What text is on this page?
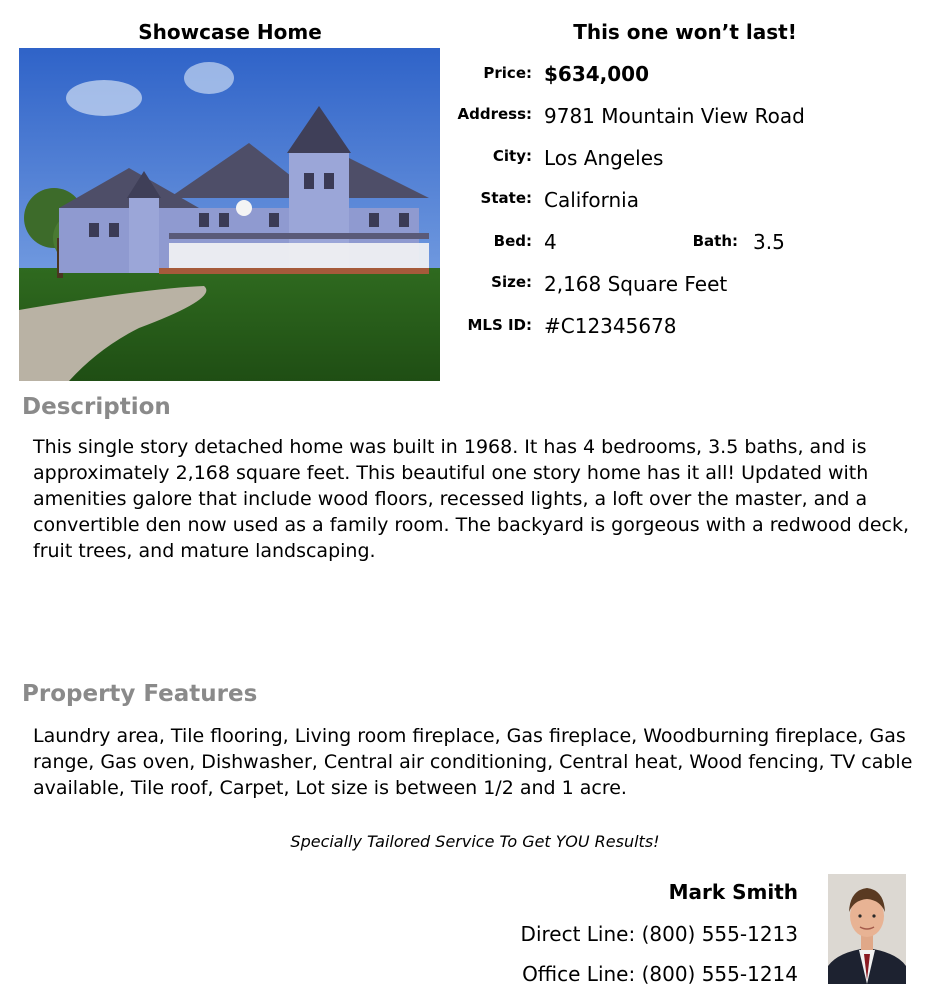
Showcase Home	This one won’t last!
Price: $634,000
Address: 9781 Mountain View Road
City: Los Angeles
State: California
Bed: 4	Bath: 3.5
Size: 2,168 Square Feet
MLS ID: #C12345678
Description
This single story detached home was built in 1968. It has 4 bedrooms, 3.5 baths, and is approximately 2,168 square feet. This beautiful one story home has it all! Updated with amenities galore that include wood floors, recessed lights, a loft over the master, and a convertible den now used as a family room. The backyard is gorgeous with a redwood deck, fruit trees, and mature landscaping.
Property Features
Laundry area, Tile flooring, Living room fireplace, Gas fireplace, Woodburning fireplace, Gas range, Gas oven, Dishwasher, Central air conditioning, Central heat, Wood fencing, TV cable available, Tile roof, Carpet, Lot size is between 1/2 and 1 acre.
Specially Tailored Service To Get YOU Results!
Mark Smith
Direct Line: (800) 555-1213
Office Line: (800) 555-1214
